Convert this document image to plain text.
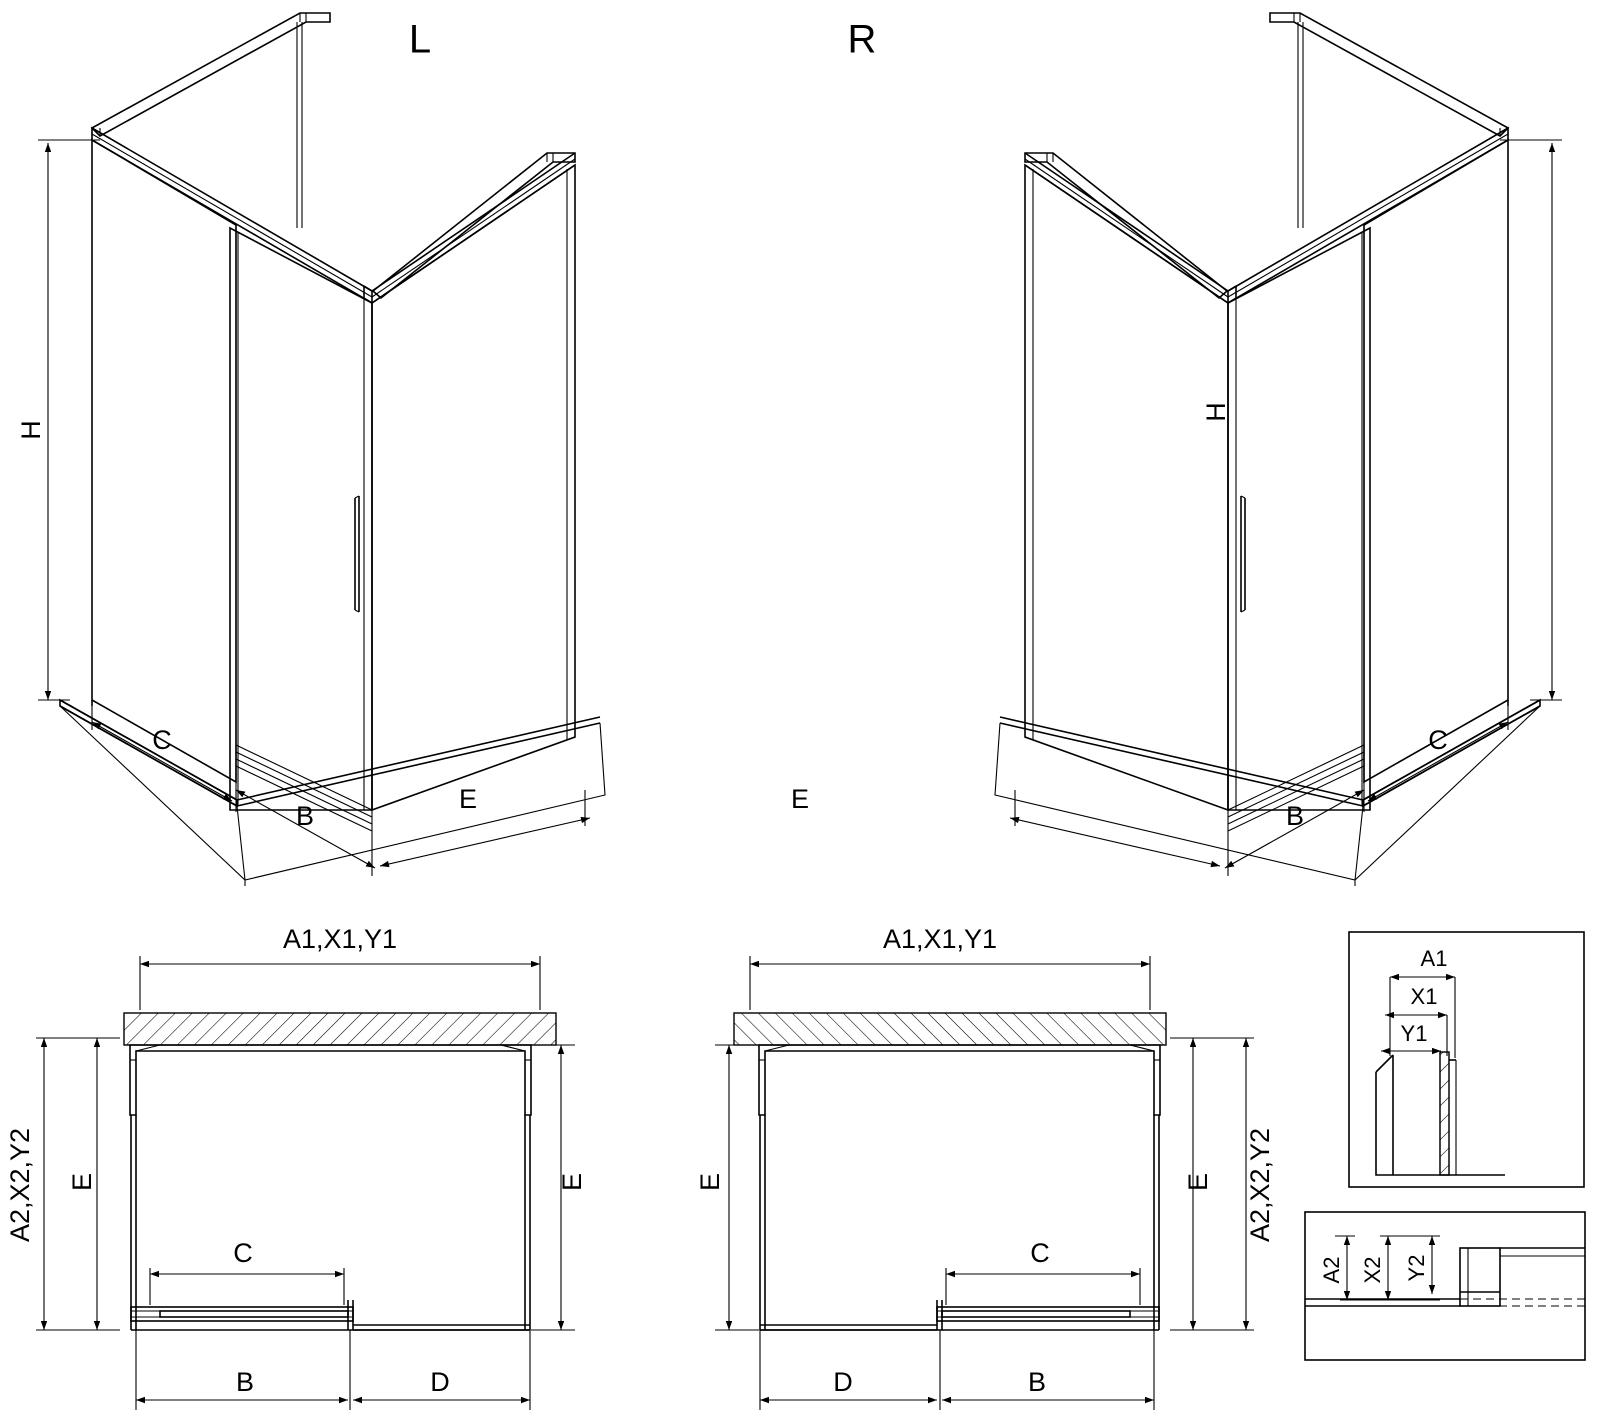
L
H
C
B
E
R
H
C
B
E
A1,X1,Y1
A2,X2,Y2 E	E
C
B	D
A1,X1,Y1
A2,X2,Y2
E
E
C
B
D
A1
X1
Y1
A2 X2 Y2
